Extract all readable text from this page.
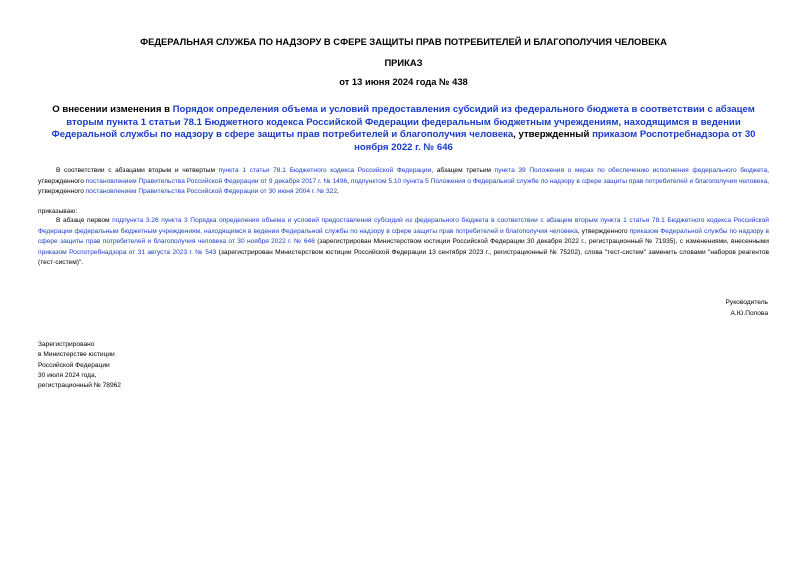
ФЕДЕРАЛЬНАЯ СЛУЖБА ПО НАДЗОРУ В СФЕРЕ ЗАЩИТЫ ПРАВ ПОТРЕБИТЕЛЕЙ И БЛАГОПОЛУЧИЯ ЧЕЛОВЕКА
ПРИКАЗ
от 13 июня 2024 года № 438
О внесении изменения в Порядок определения объема и условий предоставления субсидий из федерального бюджета в соответствии с абзацем вторым пункта 1 статьи 78.1 Бюджетного кодекса Российской Федерации федеральным бюджетным учреждениям, находящимся в ведении Федеральной службы по надзору в сфере защиты прав потребителей и благополучия человека, утвержденный приказом Роспотребнадзора от 30 ноября 2022 г. № 646
В соответствии с абзацами вторым и четвертым пункта 1 статьи 78.1 Бюджетного кодекса Российской Федерации, абзацем третьим пункта 39 Положения о мерах по обеспечению исполнения федерального бюджета, утвержденного постановлением Правительства Российской Федерации от 9 декабря 2017 г. № 1496, подпунктом 5.10 пункта 5 Положения о Федеральной службе по надзору в сфере защиты прав потребителей и благополучия человека, утвержденного постановлением Правительства Российской Федерации от 30 июня 2004 г. № 322,
приказываю:
В абзаце первом подпункта 3.26 пункта 3 Порядка определения объема и условий предоставления субсидий из федерального бюджета в соответствии с абзацем вторым пункта 1 статьи 78.1 Бюджетного кодекса Российской Федерации федеральным бюджетным учреждениям, находящимся в ведении Федеральной службы по надзору в сфере защиты прав потребителей и благополучия человека, утвержденного приказом Федеральной службы по надзору в сфере защиты прав потребителей и благополучия человека от 30 ноября 2022 г. № 646 (зарегистрирован Министерством юстиции Российской Федерации 30 декабря 2022 г., регистрационный № 71935), с изменениями, внесенными приказом Роспотребнадзора от 31 августа 2023 г. № 543 (зарегистрирован Министерством юстиции Российской Федерации 13 сентября 2023 г., регистрационный № 75202), слова "тест-систем" заменить словами "наборов реагентов (тест-систем)".
Руководитель
А.Ю.Попова
Зарегистрировано
в Министерстве юстиции
Российской Федерации
30 июля 2024 года,
регистрационный № 78962
